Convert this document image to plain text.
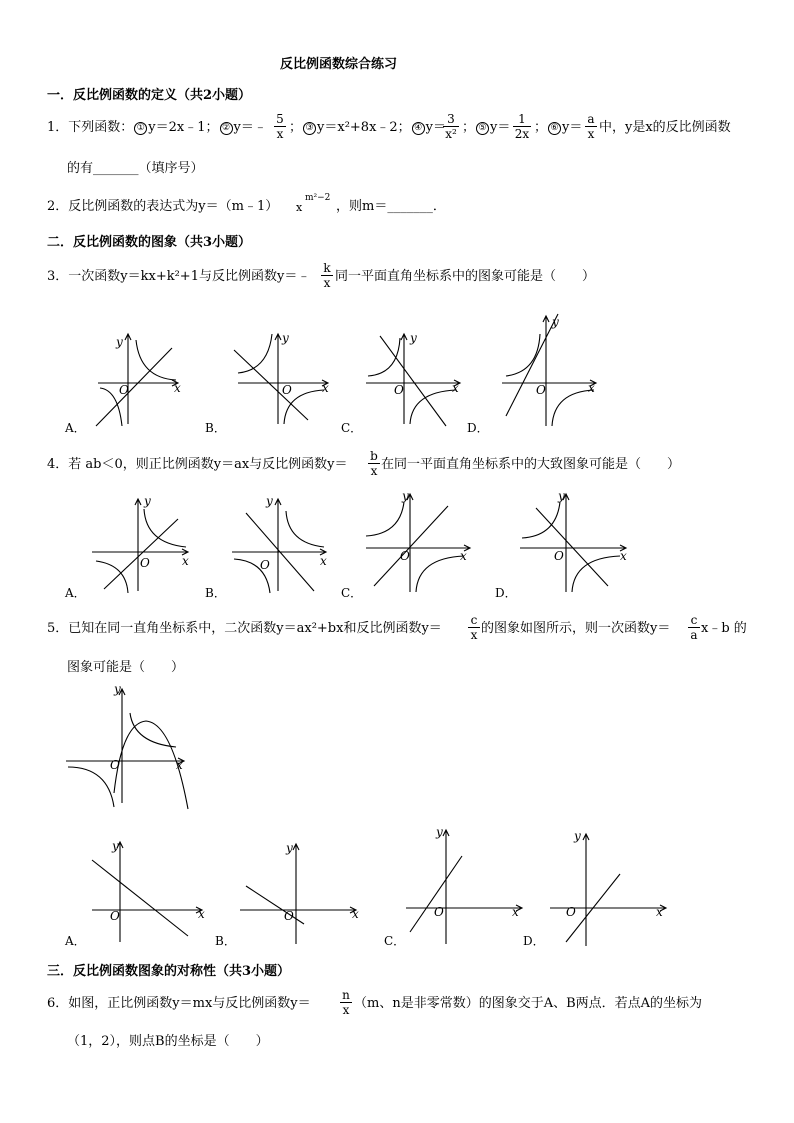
反比例函数综合练习
一．反比例函数的定义（共2小题）
1．下列函数： ① y＝2x﹣1； ② y＝﹣ $\frac{5}{x}$ ； ③ y＝x²+8x﹣2； ④ y＝
$\frac{3}{\text{x²}}$ ； ⑤ $y= \frac{1}{2x}$ ； ⑥ $y= \frac{a}{x}$ 中，y是x的反比例函数
的有_______（填序号）
2．反比例函数的表达式为y＝（m﹣1） x
m²−2
，则m＝_______．
二．反比例函数的图象（共3小题）
3．一次函数y＝kx+k²+1与反比例函数y＝﹣ $\frac{k}{x}$ 同一平面直角坐标系中的图象可能是（　　）
y
x
O
A．
y
x
O
B．
y
x
O
C．
y
x
O
D．
4．若 ab＜0，则正比例函数y＝ax与反比例函数$y= \frac{b}{x}$ 在同一平面直角坐标系中的大致图象可能是（　　）
y
x
O
A．
y
x
O
B．
y
x
O
C．
y
x
O
D．
5．已知在同一直角坐标系中，二次函数y＝ax²+bx和反比例函数$y= \frac{c}{x}$ 的图象如图所示，则一次函数$y= \frac{c}{a}$ x﹣b 的
图象可能是（　　）
y
x
O
y
x
O
A．
y
x
O
B．
y
x
O
C．
y
x
O
D．
三．反比例函数图象的对称性（共3小题）
6．如图，正比例函数y＝mx与反比例函数$y= \frac{n}{x} (m$、n是非零常数）的图象交于A、B两点．若点A的坐标为
（1，2），则点B的坐标是（　　）
